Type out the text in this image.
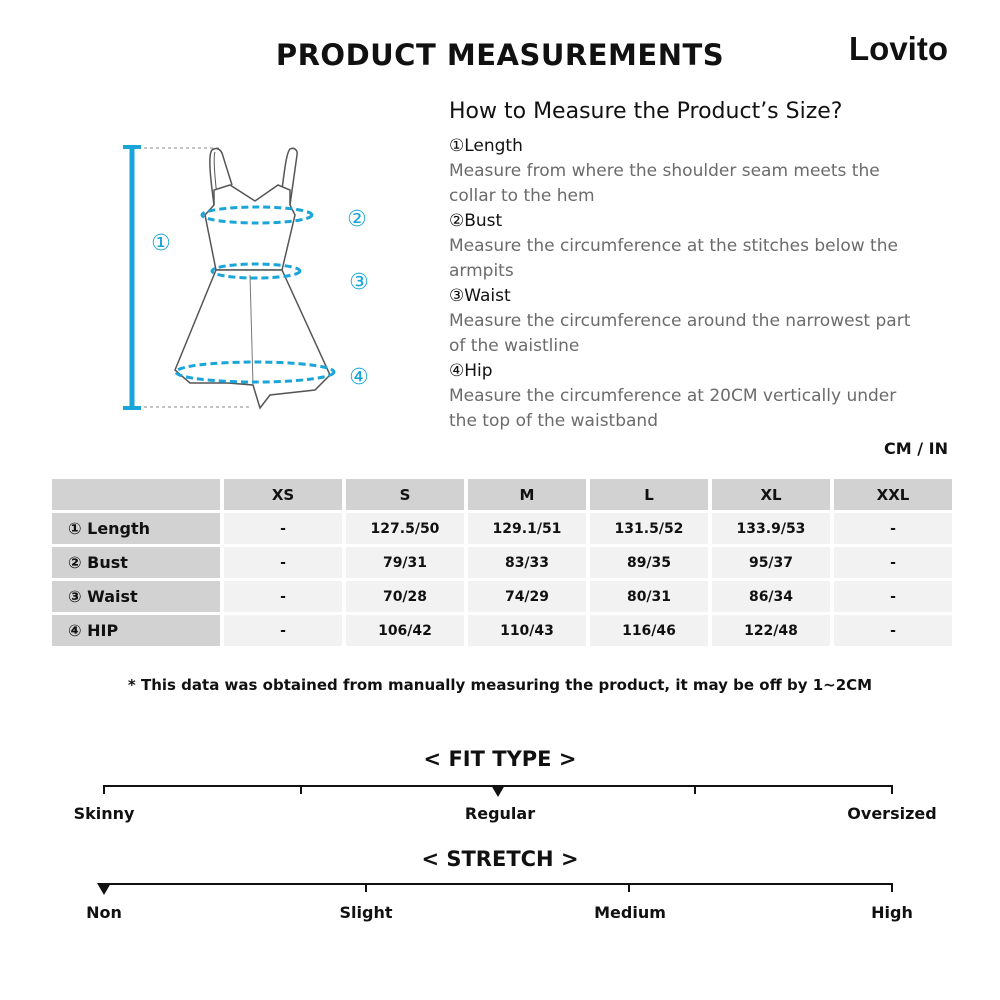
PRODUCT MEASUREMENTS	Lovito
①
②
③
④
How to Measure the Product’s Size?
①Length
Measure from where the shoulder seam meets the collar to the hem
②Bust
Measure the circumference at the stitches below the armpits
③Waist
Measure the circumference around the narrowest part of the waistline
④Hip
Measure the circumference at 20CM vertically under the top of the waistband
CM / IN
	XS	S	M	L	XL	XXL
① Length	-	127.5/50	129.1/51	131.5/52	133.9/53	-
② Bust	-	79/31	83/33	89/35	95/37	-
③ Waist	-	70/28	74/29	80/31	86/34	-
④ HIP	-	106/42	110/43	116/46	122/48	-
* This data was obtained from manually measuring the product, it may be off by 1~2CM
< FIT TYPE >
Skinny	Regular	Oversized
< STRETCH >
Non	Slight	Medium	High
